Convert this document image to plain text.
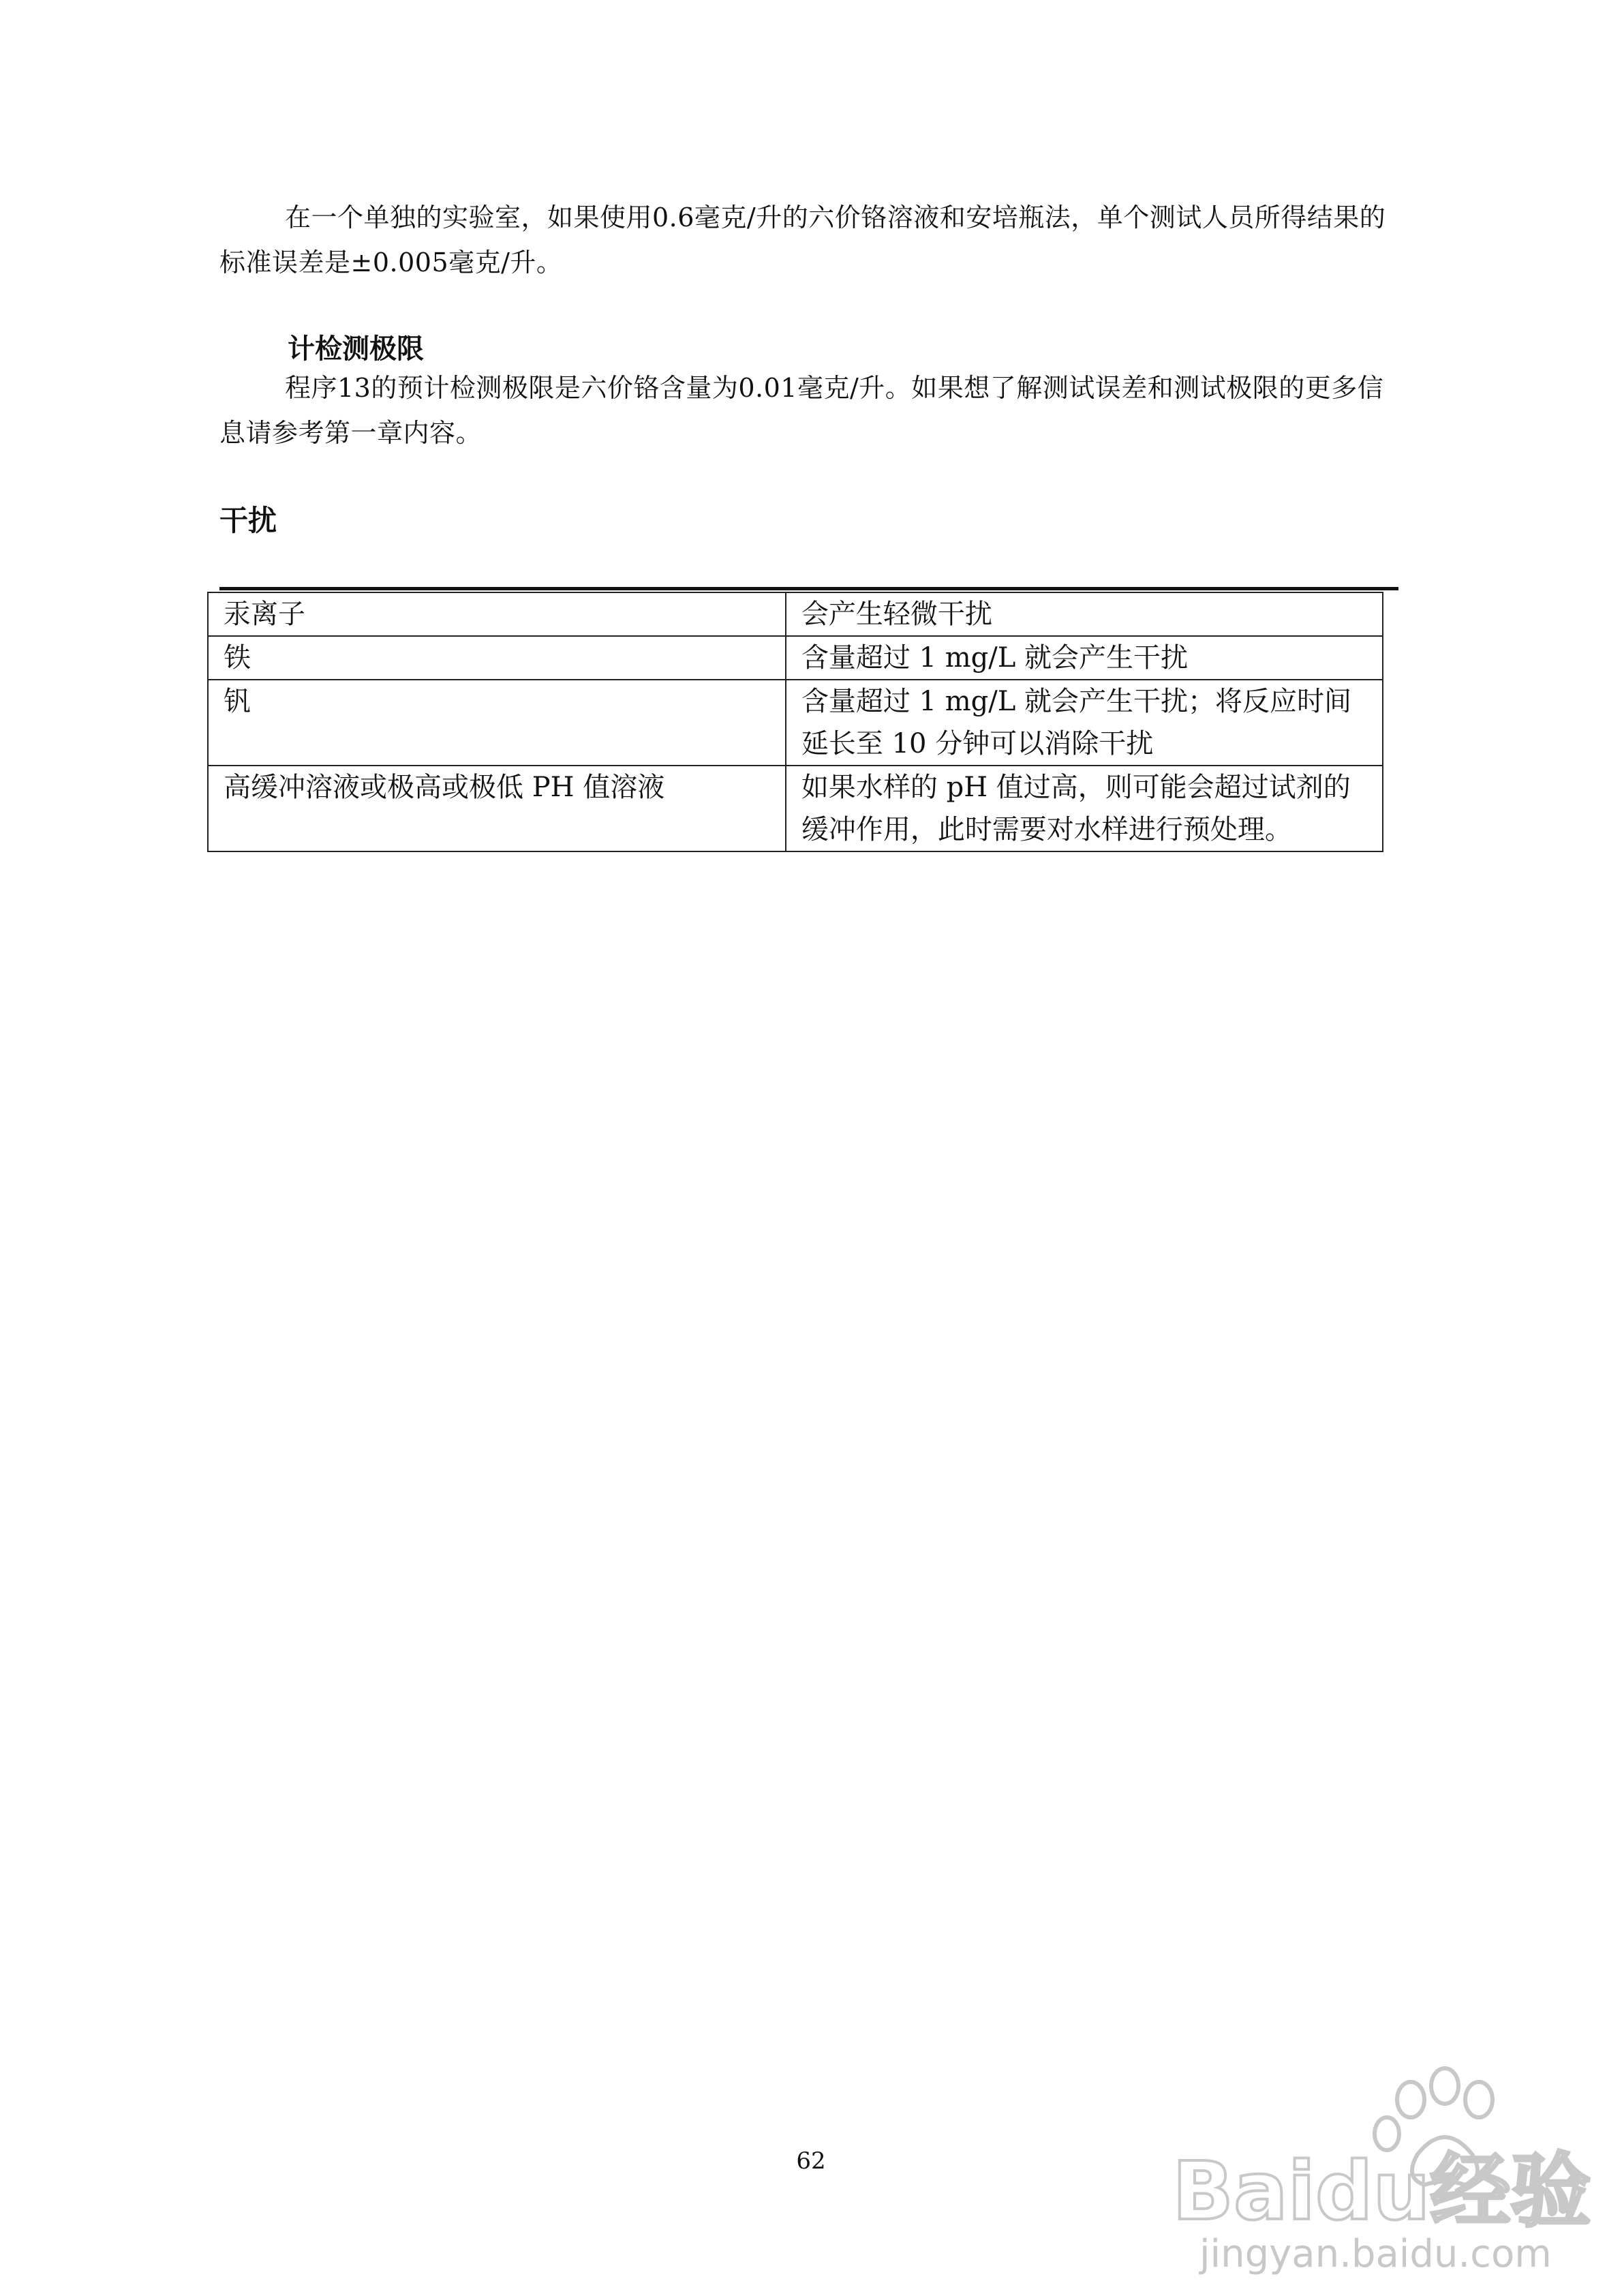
在一个单独的实验室，如果使用0.6毫克/升的六价铬溶液和安培瓶法，单个测试人员所得结果的标准误差是±0.005毫克/升。

计检测极限

程序13的预计检测极限是六价铬含量为0.01毫克/升。如果想了解测试误差和测试极限的更多信息请参考第一章内容。

干扰

汞离子	会产生轻微干扰
铁	含量超过 1 mg/L 就会产生干扰
钒	含量超过 1 mg/L 就会产生干扰；将反应时间延长至 10 分钟可以消除干扰
高缓冲溶液或极高或极低 PH 值溶液	如果水样的 pH 值过高，则可能会超过试剂的缓冲作用，此时需要对水样进行预处理。

62	Baidu经验
jingyan.baidu.com
